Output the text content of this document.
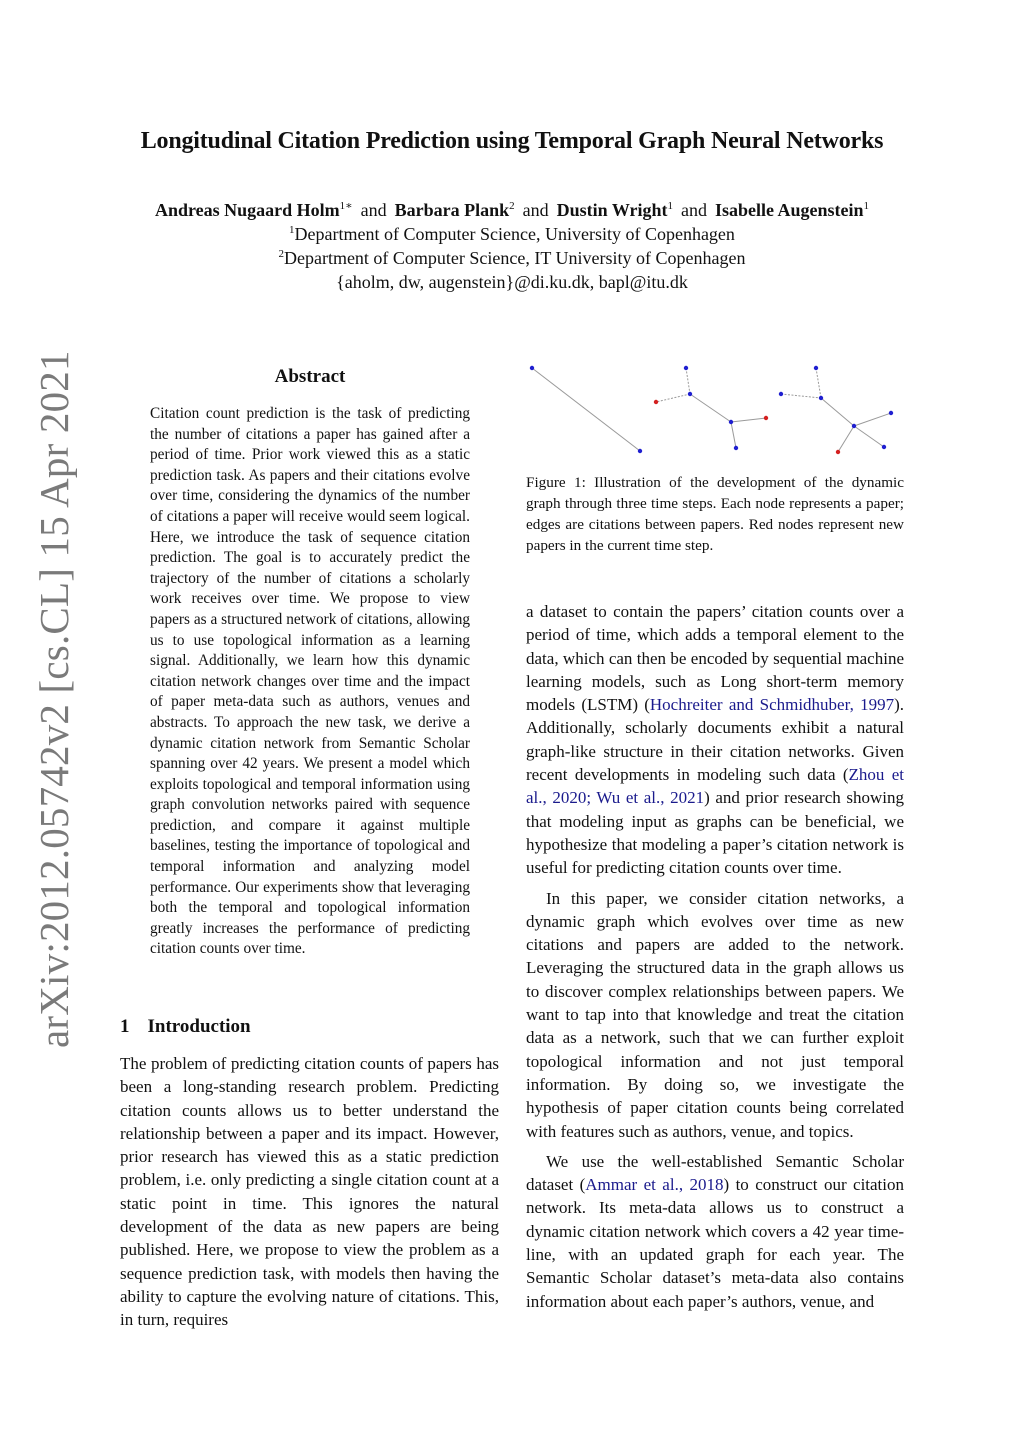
arXiv:2012.05742v2 [cs.CL] 15 Apr 2021
Longitudinal Citation Prediction using Temporal Graph Neural Networks
Andreas Nugaard Holm$^{1∗}$ and Barbara Plank$^2$ and Dustin Wright$^1$ and Isabelle Augenstein$^1$
$^1$Department of Computer Science, University of Copenhagen
$^2$Department of Computer Science, IT University of Copenhagen
{aholm, dw, augenstein}@di.ku.dk, bapl@itu.dk
Abstract
Citation count prediction is the task of predicting the number of citations a paper has gained after a period of time. Prior work viewed this as a static prediction task. As papers and their citations evolve over time, considering the dynamics of the number of citations a paper will receive would seem logical. Here, we introduce the task of sequence citation prediction. The goal is to accurately predict the trajectory of the number of citations a scholarly work receives over time. We propose to view papers as a structured network of citations, allowing us to use topological information as a learning signal. Additionally, we learn how this dynamic citation network changes over time and the impact of paper meta-data such as authors, venues and abstracts. To approach the new task, we derive a dynamic citation network from Semantic Scholar spanning over 42 years. We present a model which exploits topological and temporal information using graph convolution networks paired with sequence prediction, and compare it against multiple baselines, testing the importance of topological and temporal information and analyzing model performance. Our experiments show that leveraging both the temporal and topological information greatly increases the performance of predicting citation counts over time.
1 Introduction

The problem of predicting citation counts of papers has been a long-standing research problem. Predicting citation counts allows us to better understand the relationship between a paper and its impact. However, prior research has viewed this as a static prediction problem, i.e. only predicting a single citation count at a static point in time. This ignores the natural development of the data as new papers are being published. Here, we propose to view the problem as a sequence prediction task, with models then having the ability to capture the evolving nature of citations. This, in turn, requires

Figure 1: Illustration of the development of the dynamic graph through three time steps. Each node represents a paper; edges are citations between papers. Red nodes represent new papers in the current time step.

a dataset to contain the papers’ citation counts over a period of time, which adds a temporal element to the data, which can then be encoded by sequential machine learning models, such as Long short-term memory models (LSTM) (Hochreiter and Schmidhuber, 1997). Additionally, scholarly documents exhibit a natural graph-like structure in their citation networks. Given recent developments in modeling such data (Zhou et al., 2020; Wu et al., 2021) and prior research showing that modeling input as graphs can be beneficial, we hypothesize that modeling a paper’s citation network is useful for predicting citation counts over time.

In this paper, we consider citation networks, a dynamic graph which evolves over time as new citations and papers are added to the network. Leveraging the structured data in the graph allows us to discover complex relationships between papers. We want to tap into that knowledge and treat the citation data as a network, such that we can further exploit topological information and not just temporal information. By doing so, we investigate the hypothesis of paper citation counts being correlated with features such as authors, venue, and topics.

We use the well-established Semantic Scholar dataset (Ammar et al., 2018) to construct our citation network. Its meta-data allows us to construct a dynamic citation network which covers a 42 year time-line, with an updated graph for each year. The Semantic Scholar dataset’s meta-data also contains information about each paper’s authors, venue, and
